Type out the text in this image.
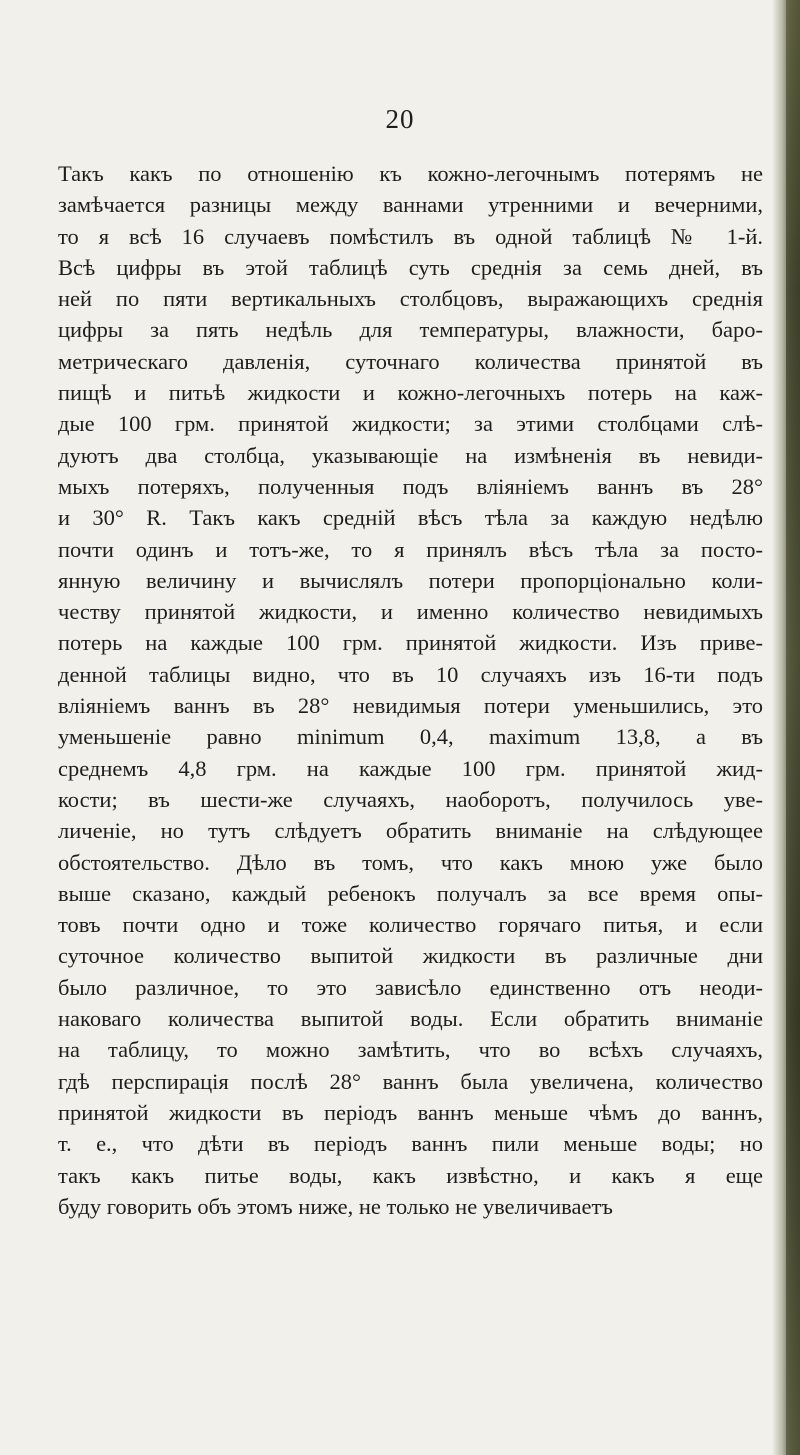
20
Такъ какъ по отношенію къ кожно-легочнымъ потерямъ не
замѣчается разницы между ваннами утренними и вечерними,
то я всѣ 16 случаевъ помѣстилъ въ одной таблицѣ № 1-й.
Всѣ цифры въ этой таблицѣ суть среднія за семь дней, въ
ней по пяти вертикальныхъ столбцовъ, выражающихъ среднія
цифры за пять недѣль для температуры, влажности, баро-
метрическаго давленія, суточнаго количества принятой въ
пищѣ и питьѣ жидкости и кожно-легочныхъ потерь на каж-
дые 100 грм. принятой жидкости; за этими столбцами слѣ-
дуютъ два столбца, указывающіе на измѣненія въ невиди-
мыхъ потеряхъ, полученныя подъ вліяніемъ ваннъ въ 28°
и 30° R. Такъ какъ средній вѣсъ тѣла за каждую недѣлю
почти одинъ и тотъ-же, то я принялъ вѣсъ тѣла за посто-
янную величину и вычислялъ потери пропорціонально коли-
честву принятой жидкости, и именно количество невидимыхъ
потерь на каждые 100 грм. принятой жидкости. Изъ приве-
денной таблицы видно, что въ 10 случаяхъ изъ 16-ти подъ
вліяніемъ ваннъ въ 28° невидимыя потери уменьшились, это
уменьшеніе равно minimum 0,4, maximum 13,8, а въ
среднемъ 4,8 грм. на каждые 100 грм. принятой жид-
кости; въ шести-же случаяхъ, наоборотъ, получилось уве-
личеніе, но тутъ слѣдуетъ обратить вниманіе на слѣдующее
обстоятельство. Дѣло въ томъ, что какъ мною уже было
выше сказано, каждый ребенокъ получалъ за все время опы-
товъ почти одно и тоже количество горячаго питья, и если
суточное количество выпитой жидкости въ различные дни
было различное, то это зависѣло единственно отъ неоди-
наковаго количества выпитой воды. Если обратить вниманіе
на таблицу, то можно замѣтить, что во всѣхъ случаяхъ,
гдѣ перспирація послѣ 28° ваннъ была увеличена, количество
принятой жидкости въ періодъ ваннъ меньше чѣмъ до ваннъ,
т. е., что дѣти въ періодъ ваннъ пили меньше воды; но
такъ какъ питье воды, какъ извѣстно, и какъ я еще
буду говорить объ этомъ ниже, не только не увеличиваетъ
